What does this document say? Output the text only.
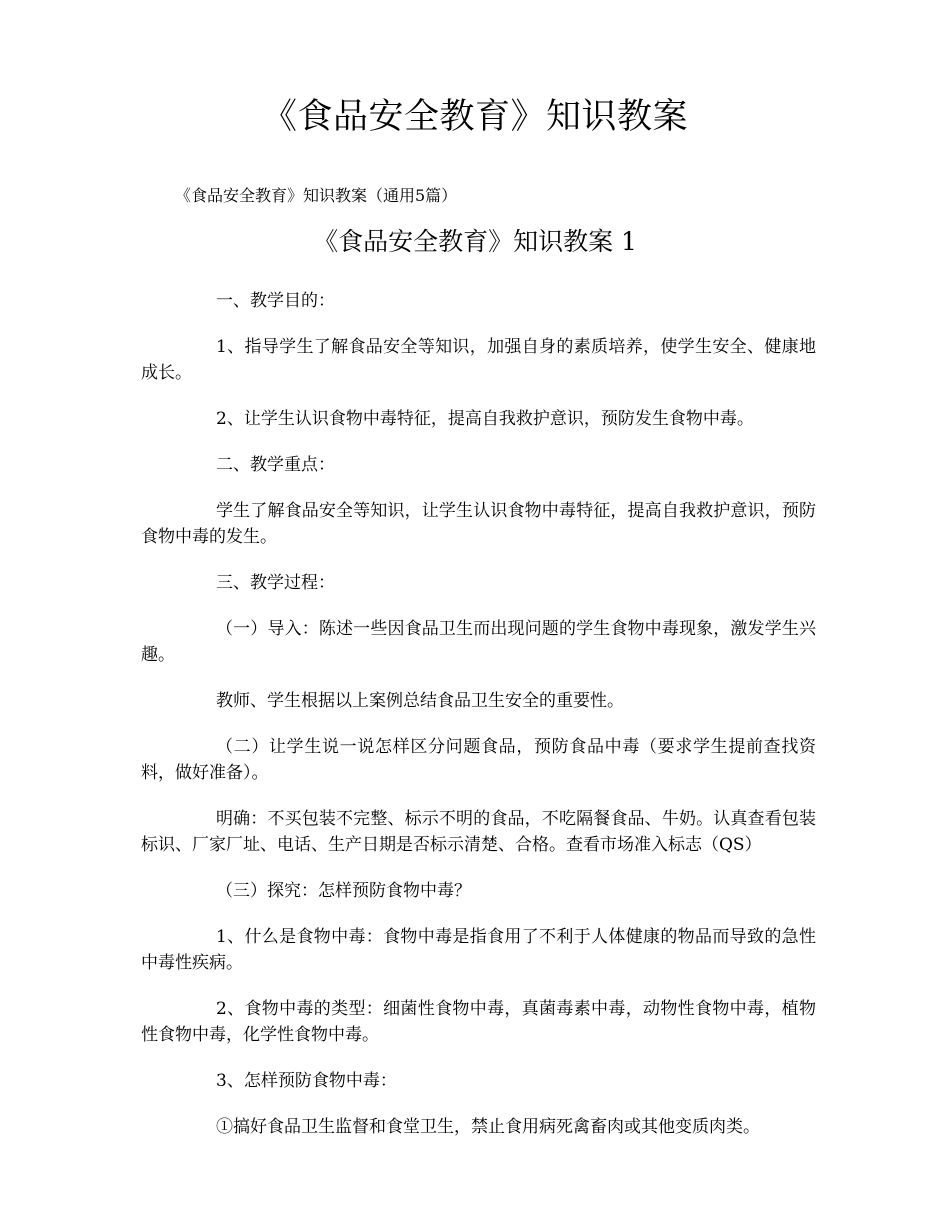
《食品安全教育》知识教案

《食品安全教育》知识教案（通用5篇）

《食品安全教育》知识教案 1

一、教学目的：

1、指导学生了解食品安全等知识，加强自身的素质培养，使学生安全、健康地成长。

2、让学生认识食物中毒特征，提高自我救护意识，预防发生食物中毒。

二、教学重点：

学生了解食品安全等知识，让学生认识食物中毒特征，提高自我救护意识，预防食物中毒的发生。

三、教学过程：

（一）导入：陈述一些因食品卫生而出现问题的学生食物中毒现象，激发学生兴趣。

教师、学生根据以上案例总结食品卫生安全的重要性。

（二）让学生说一说怎样区分问题食品，预防食品中毒（要求学生提前查找资料，做好准备）。

明确：不买包装不完整、标示不明的食品，不吃隔餐食品、牛奶。认真查看包装标识、厂家厂址、电话、生产日期是否标示清楚、合格。查看市场准入标志（QS）

（三）探究：怎样预防食物中毒？

1、什么是食物中毒：食物中毒是指食用了不利于人体健康的物品而导致的急性中毒性疾病。

2、食物中毒的类型：细菌性食物中毒，真菌毒素中毒，动物性食物中毒，植物性食物中毒，化学性食物中毒。

3、怎样预防食物中毒：

①搞好食品卫生监督和食堂卫生，禁止食用病死禽畜肉或其他变质肉类。
